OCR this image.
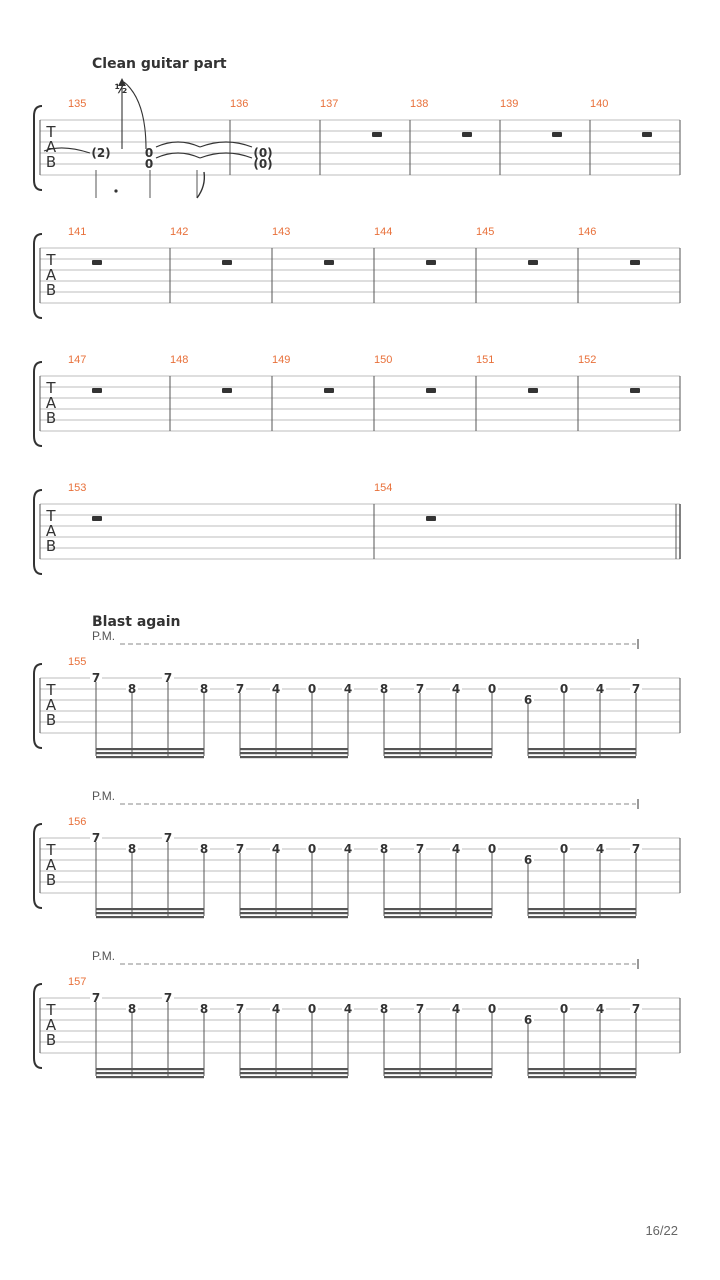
Clean guitar part
Blast again
T
A
B
135	136	137	138	139	140
(2)	0
0
(0)
(0)
½
T
A
B
141	142	143	144	145	146
T
A
B
147	148	149	150	151	152
T
A
B
153	154
T
A
B
155
P.M.
7
8
7
8 7 4 0 4 8 7 4 0
6
0 4 7
T
A
B
156
P.M.
7
8
7
8 7 4 0 4 8 7 4 0
6
0 4 7
T
A
B
157
P.M.
7
8
7
8 7 4 0 4 8 7 4 0
6
0 4 7
16/22
